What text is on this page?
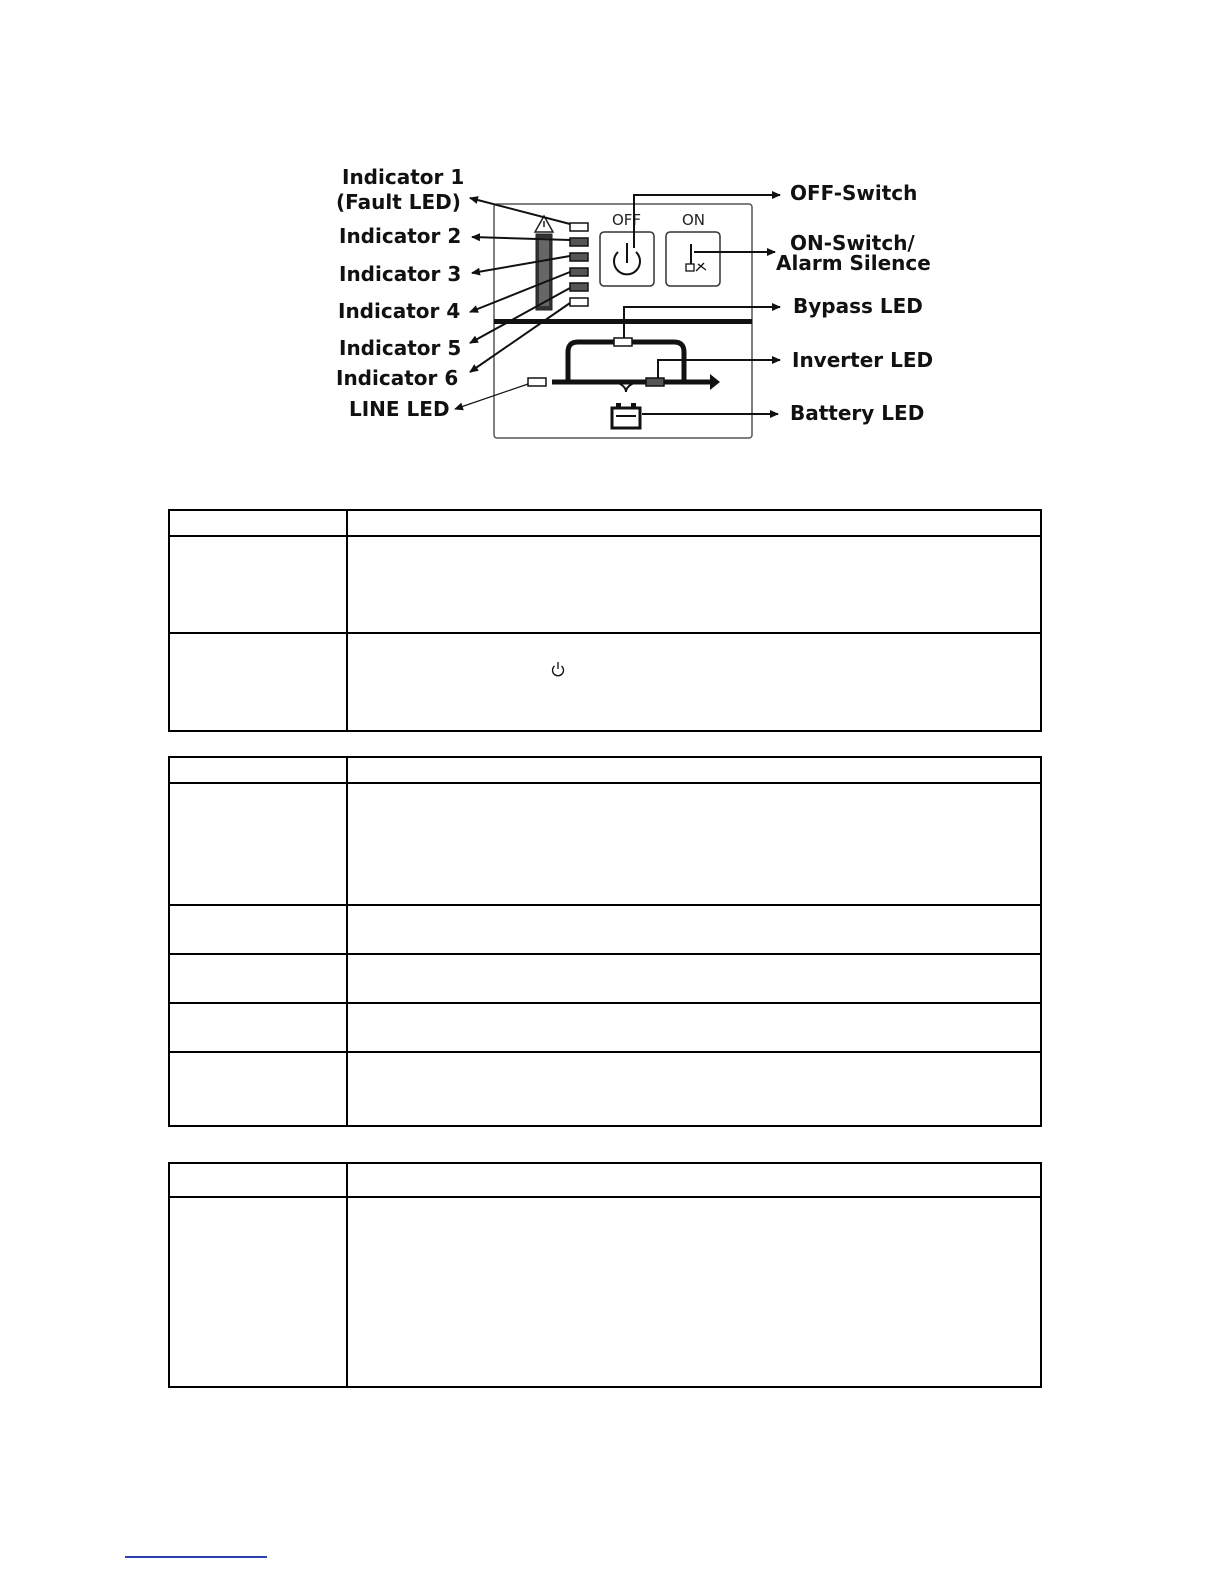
OFF	ON
Indicator 1
(Fault LED)
Indicator 2
Indicator 3
Indicator 4
Indicator 5
Indicator 6
LINE LED
OFF-Switch
ON-Switch/
Alarm Silence
Bypass LED
Inverter LED
Battery LED
